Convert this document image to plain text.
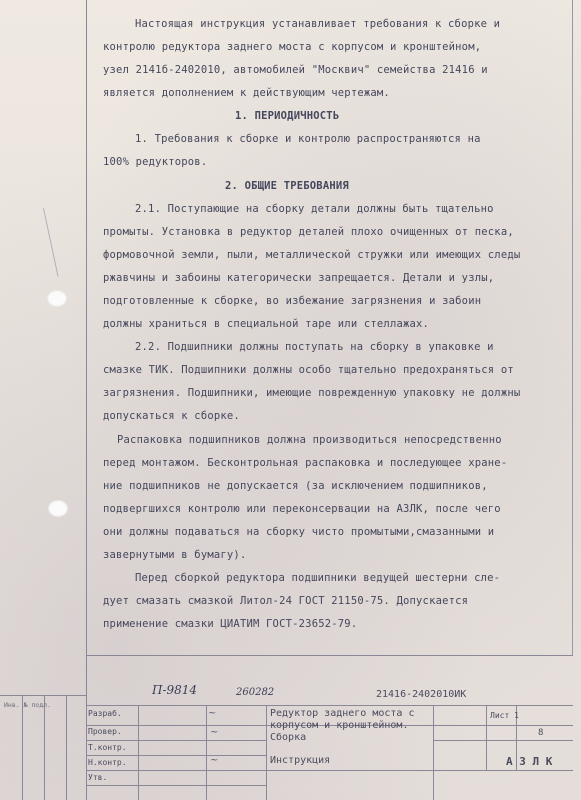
Инв. № подл.
Настоящая инструкция устанавливает требования к сборке и
контролю редуктора заднего моста с корпусом и кронштейном,
узел 2141б-2402010, автомобилей "Москвич" семейства 21416 и
является дополнением к действующим чертежам.
1. ПЕРИОДИЧНОСТЬ
1. Требования к сборке и контролю распространяются на
100% редукторов.
2. ОБЩИЕ ТРЕБОВАНИЯ
2.1. Поступающие на сборку детали должны быть тщательно
промыты. Установка в редуктор деталей плохо очищенных от песка,
формовочной земли, пыли, металлической стружки или имеющих следы
ржавчины и забоины категорически запрещается. Детали и узлы,
подготовленные к сборке, во избежание загрязнения и забоин
должны храниться в специальной таре или стеллажах.
2.2. Подшипники должны поступать на сборку в упаковке и
смазке ТИК. Подшипники должны особо тщательно предохраняться от
загрязнения. Подшипники, имеющие поврежденную упаковку не должны
допускаться к сборке.
Распаковка подшипников должна производиться непосредственно
перед монтажом. Бесконтрольная распаковка и последующее хране-
ние подшипников не допускается (за исключением подшипников,
подвергшихся контролю или переконсервации на АЗЛК, после чего
они должны подаваться на сборку чисто промытыми,смазанными и
завернутыми в бумагу).
Перед сборкой редуктора подшипники ведущей шестерни сле-
дует смазать смазкой Литол-24 ГОСТ 21150-75. Допускается
применение смазки ЦИАТИМ ГОСТ-23652-79.
П-9814	260282	21416-2402010ИК
Разраб.
Провер.
Т.контр.
Н.контр.
Утв.
~
~
~
Редуктор заднего моста с
корпусом и кронштейном.
Сборка
Инструкция
Лист 1
8
А З Л К
